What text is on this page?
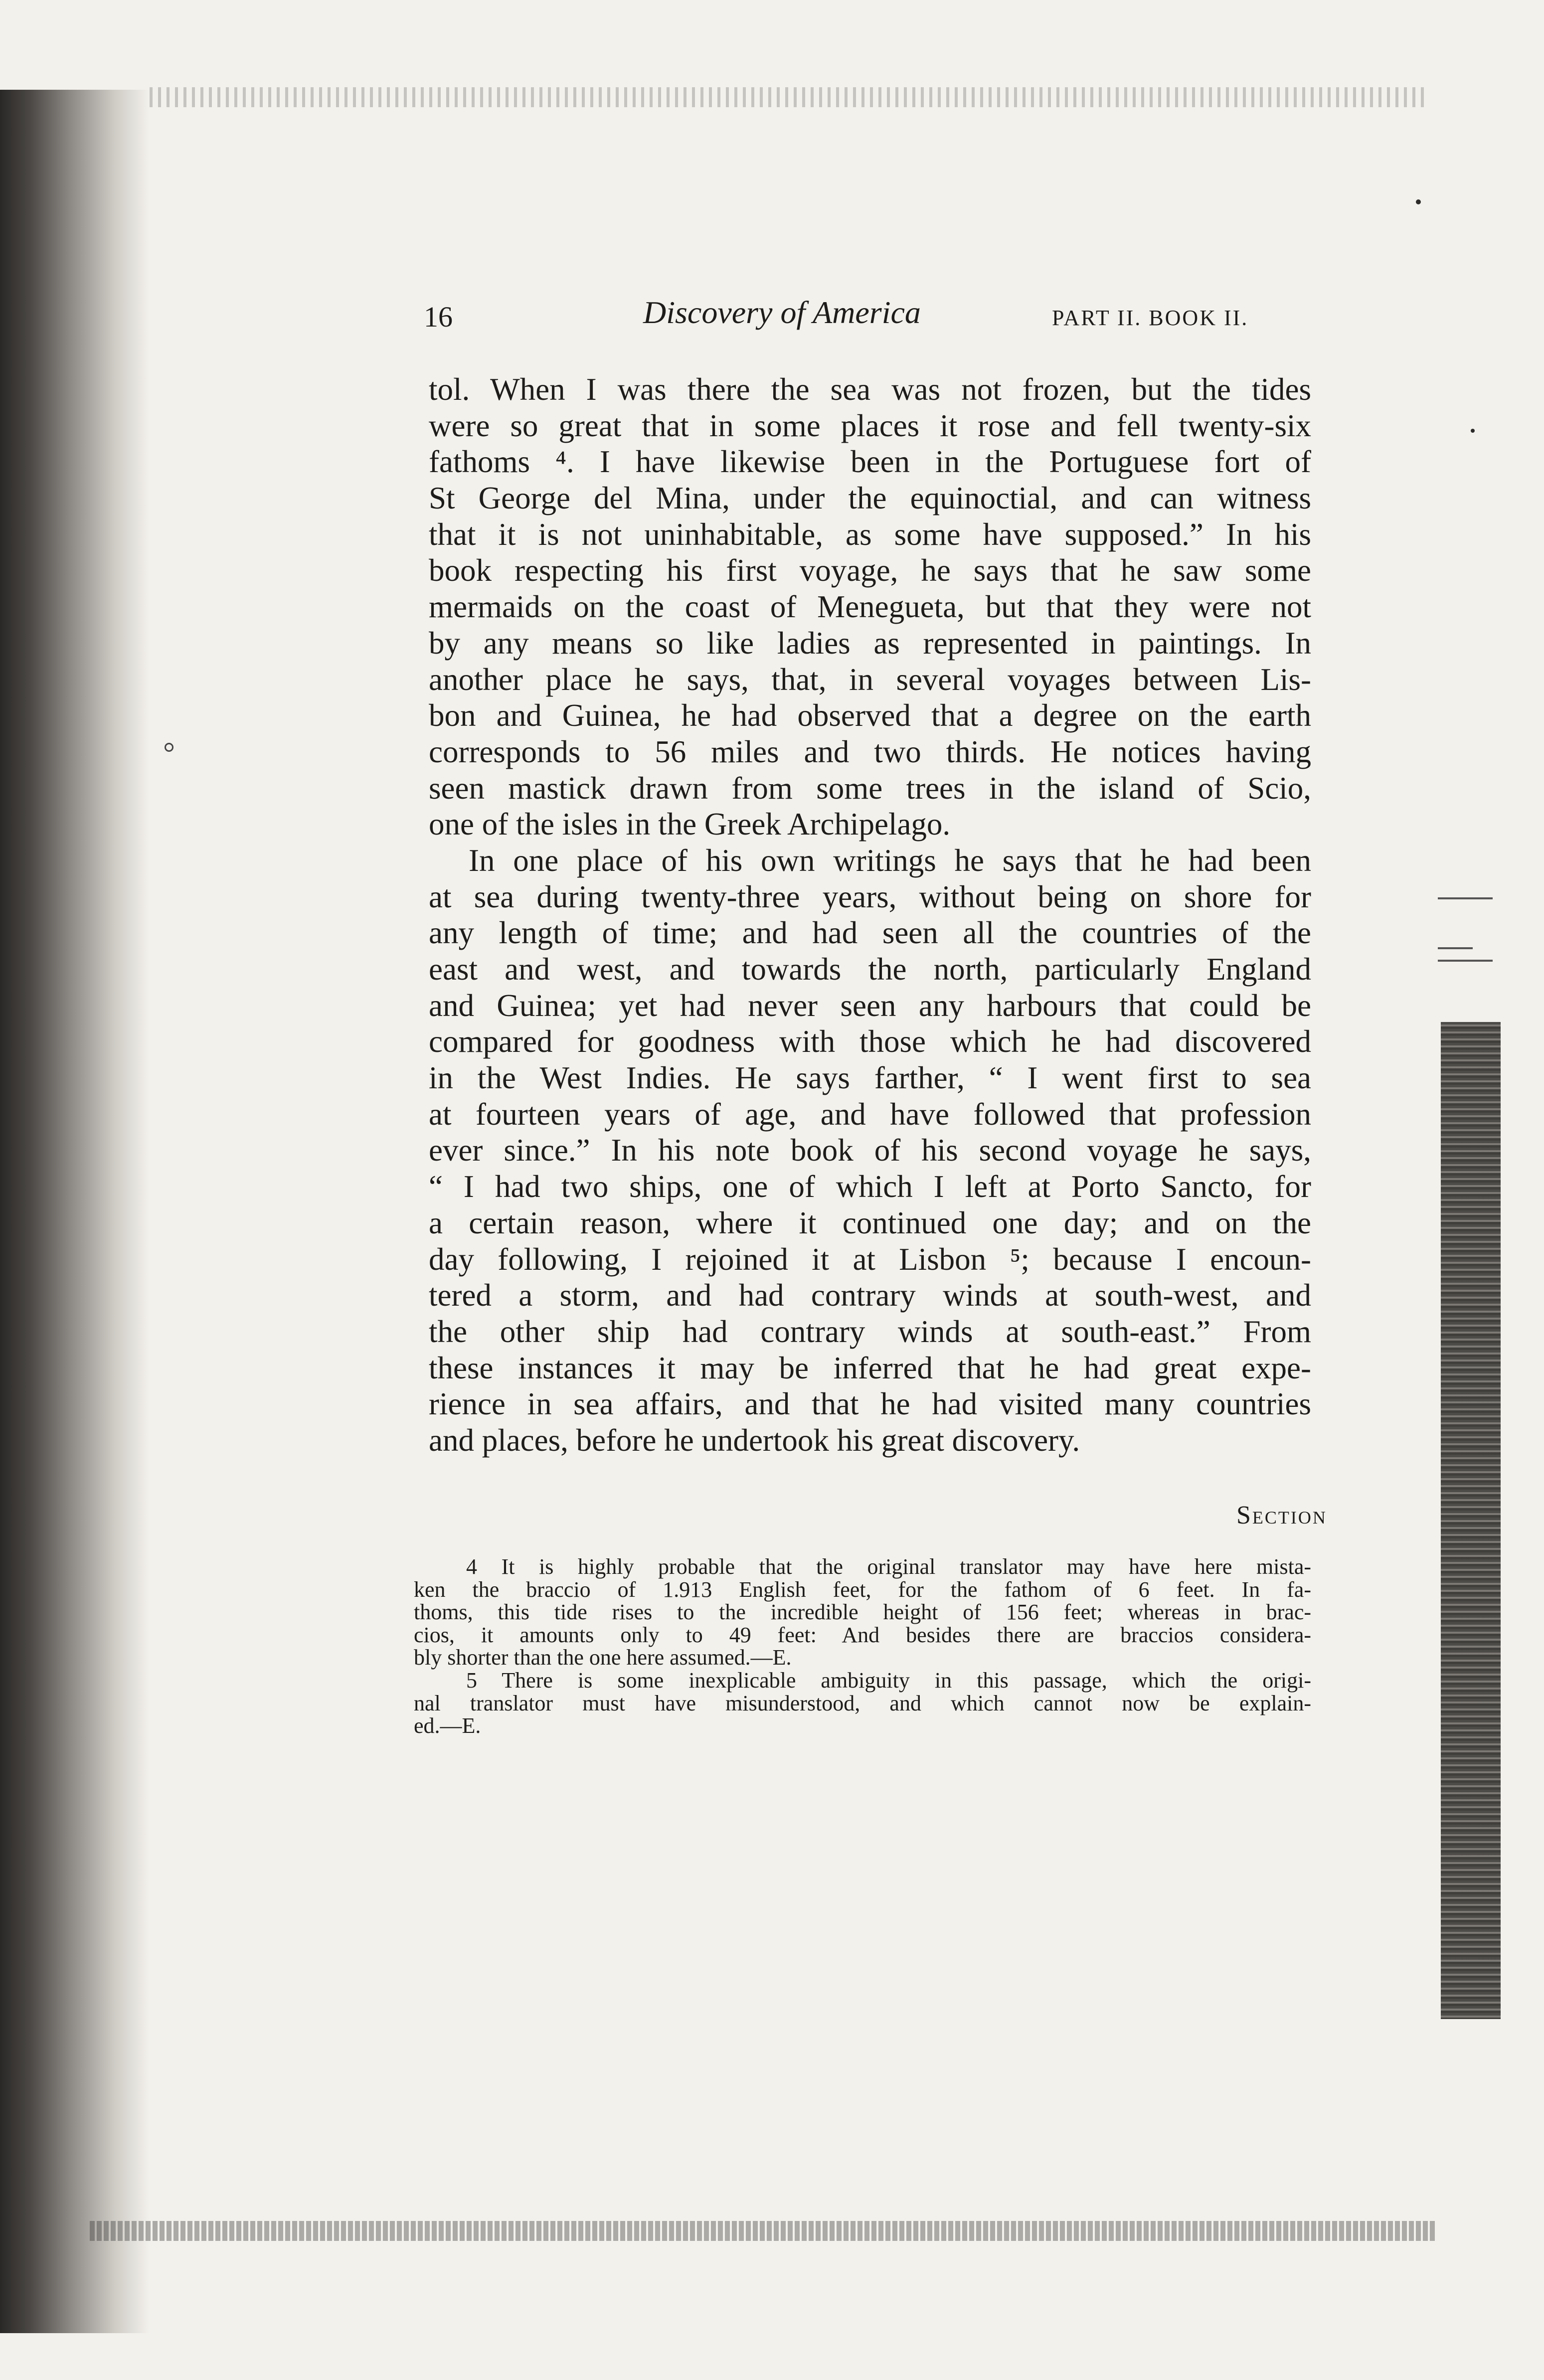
16	Discovery of America	PART II. BOOK II.
tol. When I was there the sea was not frozen, but the tides
were so great that in some places it rose and fell twenty-six
fathoms ⁴. I have likewise been in the Portuguese fort of
St George del Mina, under the equinoctial, and can witness
that it is not uninhabitable, as some have supposed.” In his
book respecting his first voyage, he says that he saw some
mermaids on the coast of Menegueta, but that they were not
by any means so like ladies as represented in paintings. In
another place he says, that, in several voyages between Lis-
bon and Guinea, he had observed that a degree on the earth
corresponds to 56 miles and two thirds. He notices having
seen mastick drawn from some trees in the island of Scio,
one of the isles in the Greek Archipelago.
In one place of his own writings he says that he had been
at sea during twenty-three years, without being on shore for
any length of time; and had seen all the countries of the
east and west, and towards the north, particularly England
and Guinea; yet had never seen any harbours that could be
compared for goodness with those which he had discovered
in the West Indies. He says farther, “ I went first to sea
at fourteen years of age, and have followed that profession
ever since.” In his note book of his second voyage he says,
“ I had two ships, one of which I left at Porto Sancto, for
a certain reason, where it continued one day; and on the
day following, I rejoined it at Lisbon ⁵; because I encoun-
tered a storm, and had contrary winds at south-west, and
the other ship had contrary winds at south-east.” From
these instances it may be inferred that he had great expe-
rience in sea affairs, and that he had visited many countries
and places, before he undertook his great discovery.
Section
4 It is highly probable that the original translator may have here mista-
ken the braccio of 1.913 English feet, for the fathom of 6 feet. In fa-
thoms, this tide rises to the incredible height of 156 feet; whereas in brac-
cios, it amounts only to 49 feet: And besides there are braccios considera-
bly shorter than the one here assumed.—E.
5 There is some inexplicable ambiguity in this passage, which the origi-
nal translator must have misunderstood, and which cannot now be explain-
ed.—E.
